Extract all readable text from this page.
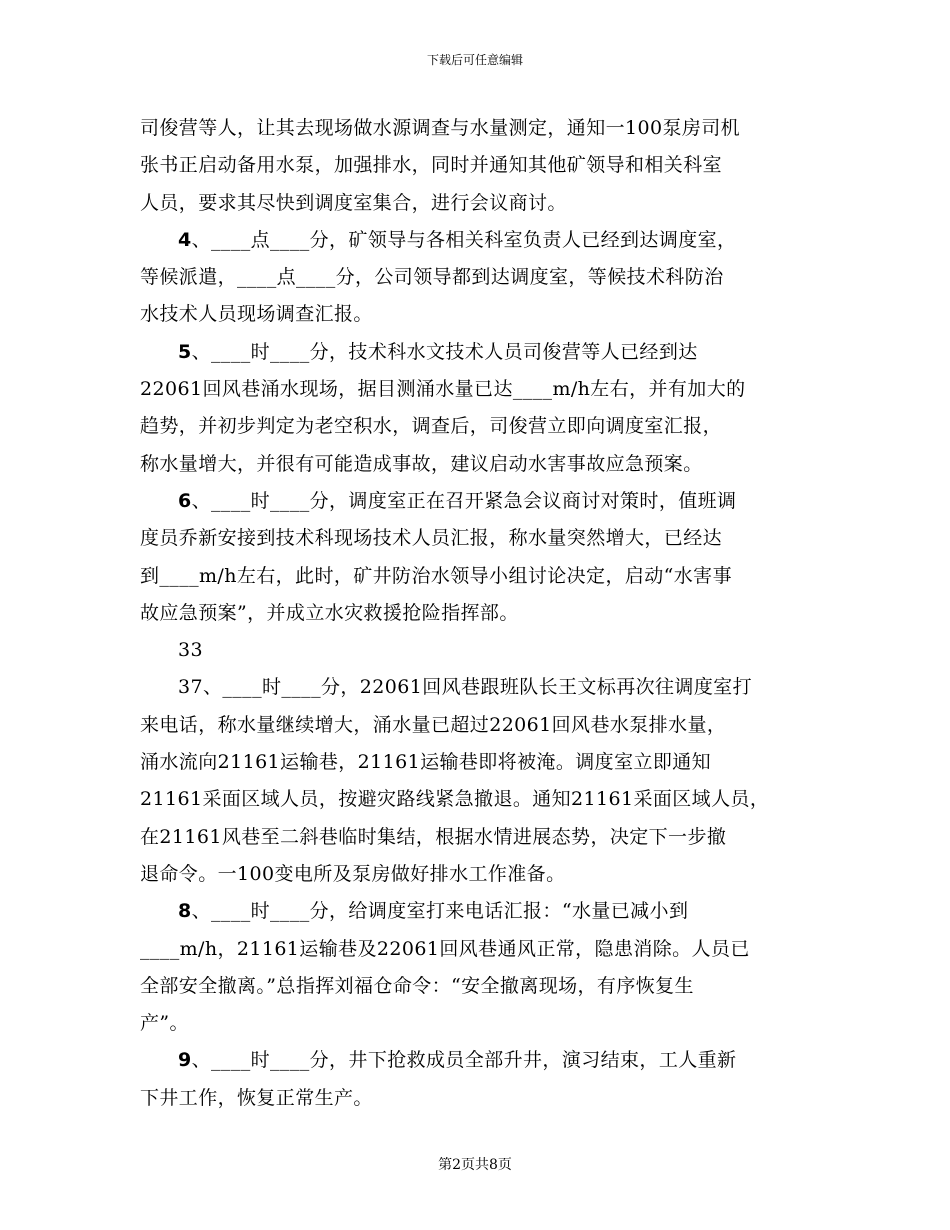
下载后可任意编辑
司俊营等人，让其去现场做水源调查与水量测定，通知一100泵房司机
张书正启动备用水泵，加强排水，同时并通知其他矿领导和相关科室
人员，要求其尽快到调度室集合，进行会议商讨。
4、____点____分，矿领导与各相关科室负责人已经到达调度室，
等候派遣，____点____分，公司领导都到达调度室，等候技术科防治
水技术人员现场调查汇报。
5、____时____分，技术科水文技术人员司俊营等人已经到达
22061回风巷涌水现场，据目测涌水量已达____m/h左右，并有加大的
趋势，并初步判定为老空积水，调查后，司俊营立即向调度室汇报，
称水量增大，并很有可能造成事故，建议启动水害事故应急预案。
6、____时____分，调度室正在召开紧急会议商讨对策时，值班调
度员乔新安接到技术科现场技术人员汇报，称水量突然增大，已经达
到____m/h左右，此时，矿井防治水领导小组讨论决定，启动“水害事
故应急预案”，并成立水灾救援抢险指挥部。
33
37、____时____分，22061回风巷跟班队长王文标再次往调度室打
来电话，称水量继续增大，涌水量已超过22061回风巷水泵排水量，
涌水流向21161运输巷，21161运输巷即将被淹。调度室立即通知
21161采面区域人员，按避灾路线紧急撤退。通知21161采面区域人员，
在21161风巷至二斜巷临时集结，根据水情进展态势，决定下一步撤
退命令。一100变电所及泵房做好排水工作准备。
8、____时____分，给调度室打来电话汇报：“水量已减小到
____m/h，21161运输巷及22061回风巷通风正常，隐患消除。人员已
全部安全撤离。”总指挥刘福仓命令：“安全撤离现场，有序恢复生
产”。
9、____时____分，井下抢救成员全部升井，演习结束，工人重新
下井工作，恢复正常生产。
第2页共8页
